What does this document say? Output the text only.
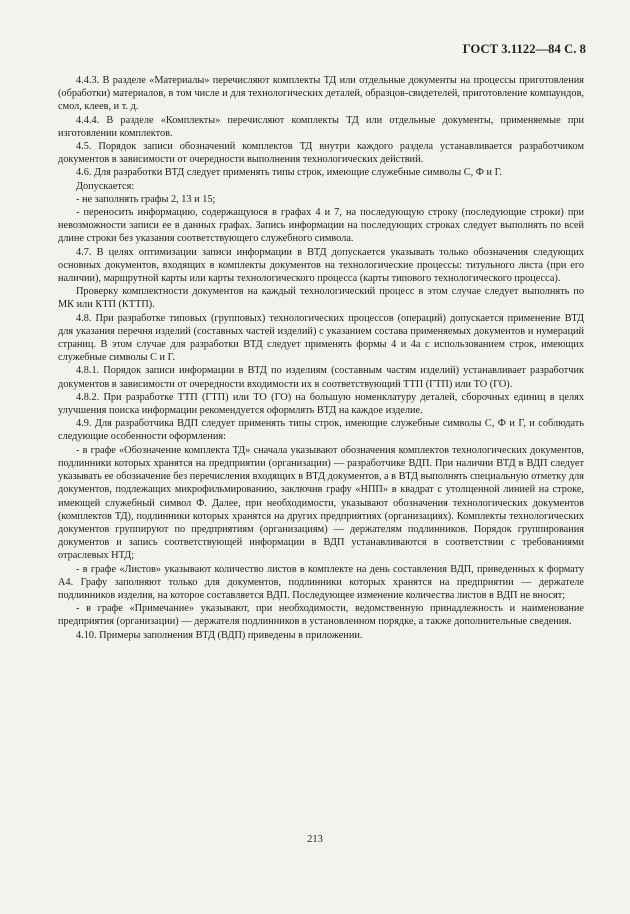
ГОСТ 3.1122—84 С. 8

4.4.3. В разделе «Материалы» перечисляют комплекты ТД или отдельные документы на процессы приготовления (обработки) материалов, в том числе и для технологических деталей, образцов-свидетелей, приготовление компаундов, смол, клеев, и т. д.

4.4.4. В разделе «Комплекты» перечисляют комплекты ТД или отдельные документы, применяемые при изготовлении комплектов.

4.5. Порядок записи обозначений комплектов ТД внутри каждого раздела устанавливается разработчиком документов в зависимости от очередности выполнения технологических действий.

4.6. Для разработки ВТД следует применять типы строк, имеющие служебные символы С, Ф и Г.

Допускается:

- не заполнять графы 2, 13 и 15;

- переносить информацию, содержащуюся в графах 4 и 7, на последующую строку (последующие строки) при невозможности записи ее в данных графах. Запись информации на последующих строках следует выполнять по всей длине строки без указания соответствующего служебного символа.

4.7. В целях оптимизации записи информации в ВТД допускается указывать только обозначения следующих основных документов, входящих в комплекты документов на технологические процессы: титульного листа (при его наличии), маршрутной карты или карты технологического процесса (карты типового технологического процесса).

Проверку комплектности документов на каждый технологический процесс в этом случае следует выполнять по МК или КТП (КТТП).

4.8. При разработке типовых (групповых) технологических процессов (операций) допускается применение ВТД для указания перечня изделий (составных частей изделий) с указанием состава применяемых документов и нумераций страниц. В этом случае для разработки ВТД следует применять формы 4 и 4а с использованием строк, имеющих служебные символы С и Г.

4.8.1. Порядок записи информации в ВТД по изделиям (составным частям изделий) устанавливает разработчик документов в зависимости от очередности входимости их в соответствующий ТТП (ГТП) или ТО (ГО).

4.8.2. При разработке ТТП (ГТП) или ТО (ГО) на большую номенклатуру деталей, сборочных единиц в целях улучшения поиска информации рекомендуется оформлять ВТД на каждое изделие.

4.9. Для разработчика ВДП следует применять типы строк, имеющие служебные символы С, Ф и Г, и соблюдать следующие особенности оформления:

- в графе «Обозначение комплекта ТД» сначала указывают обозначения комплектов технологических документов, подлинники которых хранятся на предприятии (организации) — разработчике ВДП. При наличии ВТД в ВДП следует указывать ее обозначение без перечисления входящих в ВТД документов, а в ВТД выполнять специальную отметку для документов, подлежащих микрофильмированию, заключив графу «НПП» в квадрат с утолщенной линией на строке, имеющей служебный символ Ф. Далее, при необходимости, указывают обозначения технологических документов (комплектов ТД), подлинники которых хранятся на других предприятиях (организациях). Комплекты технологических документов группируют по предприятиям (организациям) — держателям подлинников. Порядок группирования документов и запись соответствующей информации в ВДП устанавливаются в соответствии с требованиями отраслевых НТД;

- в графе «Листов» указывают количество листов в комплекте на день составления ВДП, приведенных к формату А4. Графу заполняют только для документов, подлинники которых хранятся на предприятии — держателе подлинников изделия, на которое составляется ВДП. Последующее изменение количества листов в ВДП не вносят;

- в графе «Примечание» указывают, при необходимости, ведомственную принадлежность и наименование предприятия (организации) — держателя подлинников в установленном порядке, а также дополнительные сведения.

4.10. Примеры заполнения ВТД (ВДП) приведены в приложении.

213
